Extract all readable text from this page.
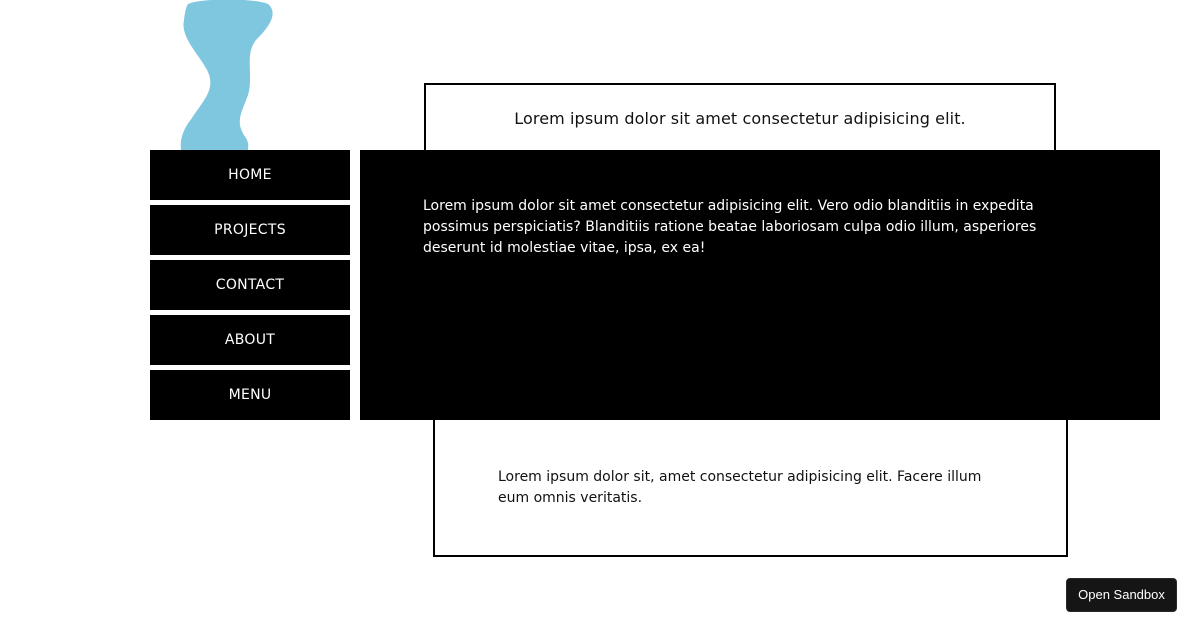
Lorem ipsum dolor sit amet consectetur adipisicing elit.
Lorem ipsum dolor sit, amet consectetur adipisicing elit. Facere illum eum omnis veritatis.
HOME
PROJECTS
CONTACT
ABOUT
MENU

Lorem ipsum dolor sit amet consectetur adipisicing elit. Vero odio blanditiis in expedita possimus perspiciatis? Blanditiis ratione beatae laboriosam culpa odio illum, asperiores deserunt id molestiae vitae, ipsa, ex ea!

Open Sandbox
